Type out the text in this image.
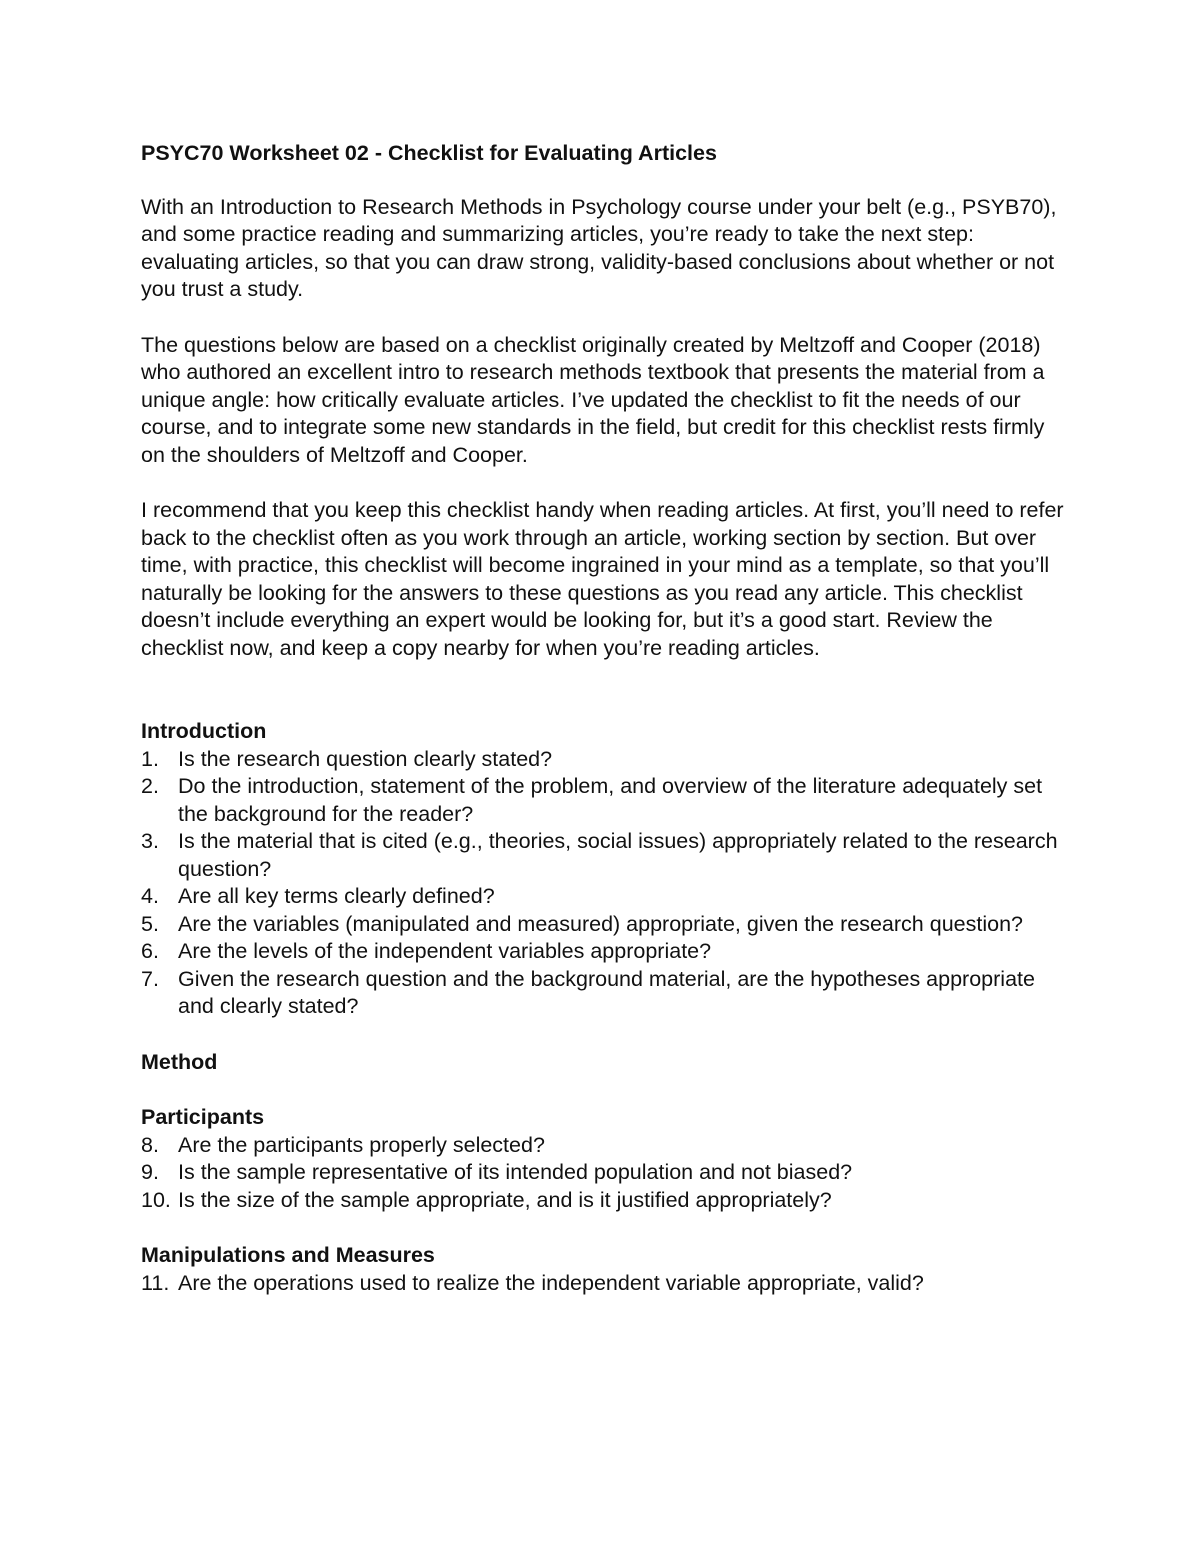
PSYC70 Worksheet 02 - Checklist for Evaluating Articles

With an Introduction to Research Methods in Psychology course under your belt (e.g., PSYB70), and some practice reading and summarizing articles, you’re ready to take the next step: evaluating articles, so that you can draw strong, validity-based conclusions about whether or not you trust a study.

The questions below are based on a checklist originally created by Meltzoff and Cooper (2018) who authored an excellent intro to research methods textbook that presents the material from a unique angle: how critically evaluate articles. I’ve updated the checklist to fit the needs of our course, and to integrate some new standards in the field, but credit for this checklist rests firmly on the shoulders of Meltzoff and Cooper.

I recommend that you keep this checklist handy when reading articles. At first, you’ll need to refer back to the checklist often as you work through an article, working section by section. But over time, with practice, this checklist will become ingrained in your mind as a template, so that you’ll naturally be looking for the answers to these questions as you read any article. This checklist doesn’t include everything an expert would be looking for, but it’s a good start. Review the checklist now, and keep a copy nearby for when you’re reading articles.

Introduction
1. Is the research question clearly stated?
2. Do the introduction, statement of the problem, and overview of the literature adequately set the background for the reader?
3. Is the material that is cited (e.g., theories, social issues) appropriately related to the research question?
4. Are all key terms clearly defined?
5. Are the variables (manipulated and measured) appropriate, given the research question?
6. Are the levels of the independent variables appropriate?
7. Given the research question and the background material, are the hypotheses appropriate and clearly stated?
Method
Participants
8. Are the participants properly selected?
9. Is the sample representative of its intended population and not biased?
10. Is the size of the sample appropriate, and is it justified appropriately?
Manipulations and Measures
11. Are the operations used to realize the independent variable appropriate, valid?
